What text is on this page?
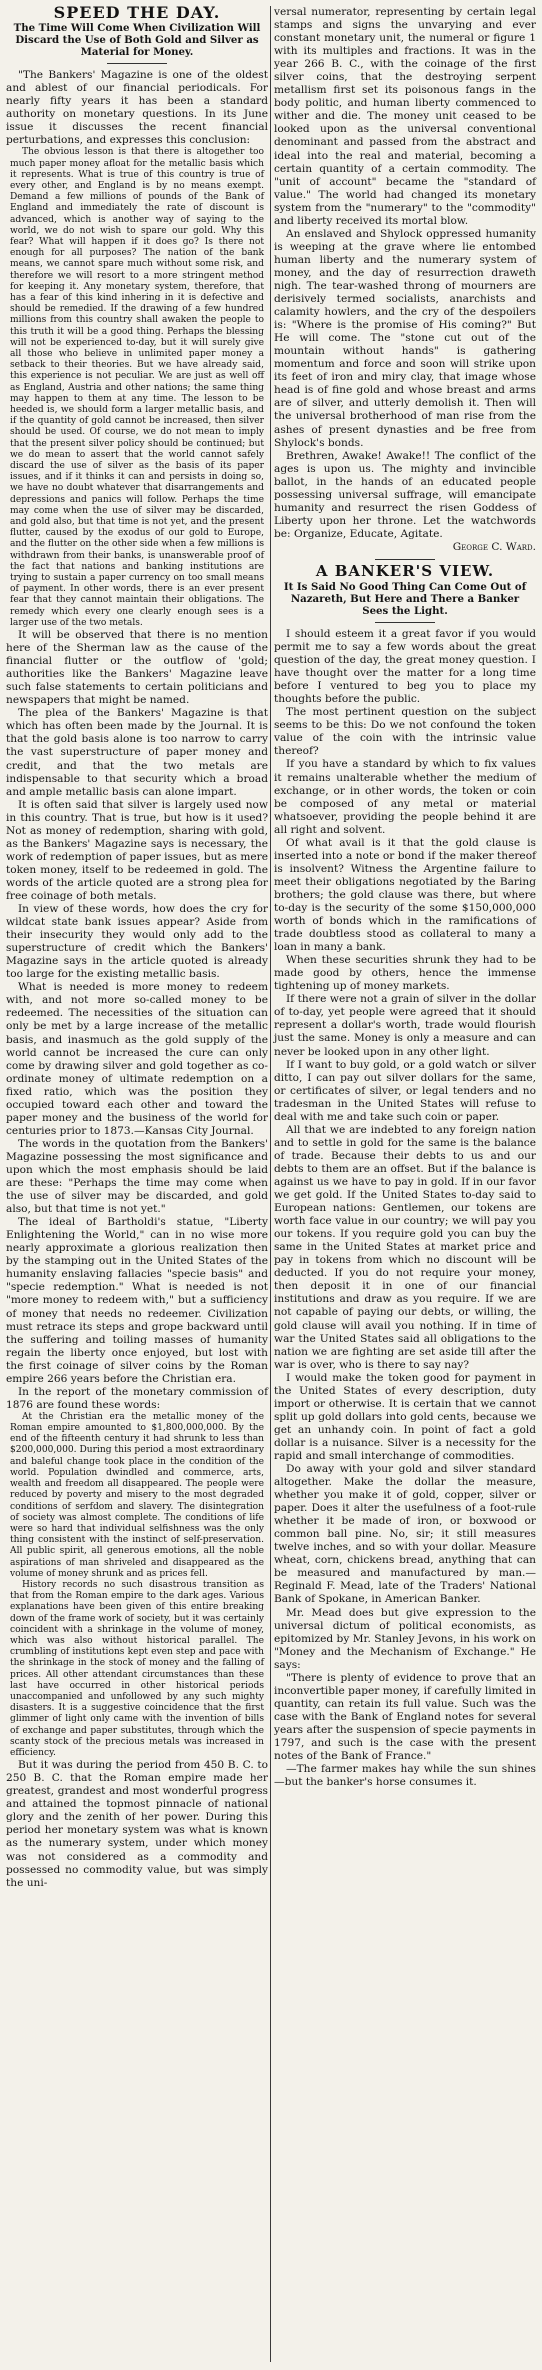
SPEED THE DAY.
The Time Will Come When Civilization Will Discard the Use of Both Gold and Silver as Material for Money.

"The Bankers' Magazine is one of the oldest and ablest of our financial periodicals. For nearly fifty years it has been a standard authority on monetary questions. In its June issue it discusses the recent financial perturbations, and expresses this conclusion:

The obvious lesson is that there is altogether too much paper money afloat for the metallic basis which it represents. What is true of this country is true of every other, and England is by no means exempt. Demand a few millions of pounds of the Bank of England and immediately the rate of discount is advanced, which is another way of saying to the world, we do not wish to spare our gold. Why this fear? What will happen if it does go? Is there not enough for all purposes? The nation of the bank means, we cannot spare much without some risk, and therefore we will resort to a more stringent method for keeping it. Any monetary system, therefore, that has a fear of this kind inhering in it is defective and should be remedied. If the drawing of a few hundred millions from this country shall awaken the people to this truth it will be a good thing. Perhaps the blessing will not be experienced to-day, but it will surely give all those who believe in unlimited paper money a setback to their theories. But we have already said, this experience is not peculiar. We are just as well off as England, Austria and other nations; the same thing may happen to them at any time. The lesson to be heeded is, we should form a larger metallic basis, and if the quantity of gold cannot be increased, then silver should be used. Of course, we do not mean to imply that the present silver policy should be continued; but we do mean to assert that the world cannot safely discard the use of silver as the basis of its paper issues, and if it thinks it can and persists in doing so, we have no doubt whatever that disarrangements and depressions and panics will follow. Perhaps the time may come when the use of silver may be discarded, and gold also, but that time is not yet, and the present flutter, caused by the exodus of our gold to Europe, and the flutter on the other side when a few millions is withdrawn from their banks, is unanswerable proof of the fact that nations and banking institutions are trying to sustain a paper currency on too small means of payment. In other words, there is an ever present fear that they cannot maintain their obligations. The remedy which every one clearly enough sees is a larger use of the two metals.

It will be observed that there is no mention here of the Sherman law as the cause of the financial flutter or the outflow of 'gold; authorities like the Bankers' Magazine leave such false statements to certain politicians and newspapers that might be named.

The plea of the Bankers' Magazine is that which has often been made by the Journal. It is that the gold basis alone is too narrow to carry the vast superstructure of paper money and credit, and that the two metals are indispensable to that security which a broad and ample metallic basis can alone impart.

It is often said that silver is largely used now in this country. That is true, but how is it used? Not as money of redemption, sharing with gold, as the Bankers' Magazine says is necessary, the work of redemption of paper issues, but as mere token money, itself to be redeemed in gold. The words of the article quoted are a strong plea for free coinage of both metals.

In view of these words, how does the cry for wildcat state bank issues appear? Aside from their insecurity they would only add to the superstructure of credit which the Bankers' Magazine says in the article quoted is already too large for the existing metallic basis.

What is needed is more money to redeem with, and not more so-called money to be redeemed. The necessities of the situation can only be met by a large increase of the metallic basis, and inasmuch as the gold supply of the world cannot be increased the cure can only come by drawing silver and gold together as co-ordinate money of ultimate redemption on a fixed ratio, which was the position they occupied toward each other and toward the paper money and the business of the world for centuries prior to 1873.—Kansas City Journal.

The words in the quotation from the Bankers' Magazine possessing the most significance and upon which the most emphasis should be laid are these: "Perhaps the time may come when the use of silver may be discarded, and gold also, but that time is not yet."

The ideal of Bartholdi's statue, "Liberty Enlightening the World," can in no wise more nearly approximate a glorious realization then by the stamping out in the United States of the humanity enslaving fallacies "specie basis" and "specie redemption." What is needed is not "more money to redeem with," but a sufficiency of money that needs no redeemer. Civilization must retrace its steps and grope backward until the suffering and toiling masses of humanity regain the liberty once enjoyed, but lost with the first coinage of silver coins by the Roman empire 266 years before the Christian era.

In the report of the monetary commission of 1876 are found these words:

At the Christian era the metallic money of the Roman empire amounted to $1,800,000,000. By the end of the fifteenth century it had shrunk to less than $200,000,000. During this period a most extraordinary and baleful change took place in the condition of the world. Population dwindled and commerce, arts, wealth and freedom all disappeared. The people were reduced by poverty and misery to the most degraded conditions of serfdom and slavery. The disintegration of society was almost complete. The conditions of life were so hard that individual selfishness was the only thing consistent with the instinct of self-preservation. All public spirit, all generous emotions, all the noble aspirations of man shriveled and disappeared as the volume of money shrunk and as prices fell.

History records no such disastrous transition as that from the Roman empire to the dark ages. Various explanations have been given of this entire breaking down of the frame work of society, but it was certainly coincident with a shrinkage in the volume of money, which was also without historical parallel. The crumbling of institutions kept even step and pace with the shrinkage in the stock of money and the falling of prices. All other attendant circumstances than these last have occurred in other historical periods unaccompanied and unfollowed by any such mighty disasters. It is a suggestive coincidence that the first glimmer of light only came with the invention of bills of exchange and paper substitutes, through which the scanty stock of the precious metals was increased in efficiency.

But it was during the period from 450 B. C. to 250 B. C. that the Roman empire made her greatest, grandest and most wonderful progress and attained the topmost pinnacle of national glory and the zenith of her power. During this period her monetary system was what is known as the numerary system, under which money was not considered as a commodity and possessed no commodity value, but was simply the uni-

versal numerator, representing by certain legal stamps and signs the unvarying and ever constant monetary unit, the numeral or figure 1 with its multiples and fractions. It was in the year 266 B. C., with the coinage of the first silver coins, that the destroying serpent metallism first set its poisonous fangs in the body politic, and human liberty commenced to wither and die. The money unit ceased to be looked upon as the universal conventional denominant and passed from the abstract and ideal into the real and material, becoming a certain quantity of a certain commodity. The "unit of account" became the "standard of value." The world had changed its monetary system from the "numerary" to the "commodity" and liberty received its mortal blow.

An enslaved and Shylock oppressed humanity is weeping at the grave where lie entombed human liberty and the numerary system of money, and the day of resurrection draweth nigh. The tear-washed throng of mourners are derisively termed socialists, anarchists and calamity howlers, and the cry of the despoilers is: "Where is the promise of His coming?" But He will come. The "stone cut out of the mountain without hands" is gathering momentum and force and soon will strike upon its feet of iron and miry clay, that image whose head is of fine gold and whose breast and arms are of silver, and utterly demolish it. Then will the universal brotherhood of man rise from the ashes of present dynasties and be free from Shylock's bonds.

Brethren, Awake! Awake!! The conflict of the ages is upon us. The mighty and invincible ballot, in the hands of an educated people possessing universal suffrage, will emancipate humanity and resurrect the risen Goddess of Liberty upon her throne. Let the watchwords be: Organize, Educate, Agitate.

George C. Ward.
A BANKER'S VIEW.
It Is Said No Good Thing Can Come Out of Nazareth, But Here and There a Banker Sees the Light.

I should esteem it a great favor if you would permit me to say a few words about the great question of the day, the great money question. I have thought over the matter for a long time before I ventured to beg you to place my thoughts before the public.

The most pertinent question on the subject seems to be this: Do we not confound the token value of the coin with the intrinsic value thereof?

If you have a standard by which to fix values it remains unalterable whether the medium of exchange, or in other words, the token or coin be composed of any metal or material whatsoever, providing the people behind it are all right and solvent.

Of what avail is it that the gold clause is inserted into a note or bond if the maker thereof is insolvent? Witness the Argentine failure to meet their obligations negotiated by the Baring brothers; the gold clause was there, but where to-day is the security of the some $150,000,000 worth of bonds which in the ramifications of trade doubtless stood as collateral to many a loan in many a bank.

When these securities shrunk they had to be made good by others, hence the immense tightening up of money markets.

If there were not a grain of silver in the dollar of to-day, yet people were agreed that it should represent a dollar's worth, trade would flourish just the same. Money is only a measure and can never be looked upon in any other light.

If I want to buy gold, or a gold watch or silver ditto, I can pay out silver dollars for the same, or certificates of silver, or legal tenders and no tradesman in the United States will refuse to deal with me and take such coin or paper.

All that we are indebted to any foreign nation and to settle in gold for the same is the balance of trade. Because their debts to us and our debts to them are an offset. But if the balance is against us we have to pay in gold. If in our favor we get gold. If the United States to-day said to European nations: Gentlemen, our tokens are worth face value in our country; we will pay you our tokens. If you require gold you can buy the same in the United States at market price and pay in tokens from which no discount will be deducted. If you do not require your money, then deposit it in one of our financial institutions and draw as you require. If we are not capable of paying our debts, or willing, the gold clause will avail you nothing. If in time of war the United States said all obligations to the nation we are fighting are set aside till after the war is over, who is there to say nay?

I would make the token good for payment in the United States of every description, duty import or otherwise. It is certain that we cannot split up gold dollars into gold cents, because we get an unhandy coin. In point of fact a gold dollar is a nuisance. Silver is a necessity for the rapid and small interchange of commodities.

Do away with your gold and silver standard altogether. Make the dollar the measure, whether you make it of gold, copper, silver or paper. Does it alter the usefulness of a foot-rule whether it be made of iron, or boxwood or common ball pine. No, sir; it still measures twelve inches, and so with your dollar. Measure wheat, corn, chickens bread, anything that can be measured and manufactured by man.—Reginald F. Mead, late of the Traders' National Bank of Spokane, in American Banker.

Mr. Mead does but give expression to the universal dictum of political economists, as epitomized by Mr. Stanley Jevons, in his work on "Money and the Mechanism of Exchange." He says:

"There is plenty of evidence to prove that an inconvertible paper money, if carefully limited in quantity, can retain its full value. Such was the case with the Bank of England notes for several years after the suspension of specie payments in 1797, and such is the case with the present notes of the Bank of France."

—The farmer makes hay while the sun shines—but the banker's horse consumes it.
